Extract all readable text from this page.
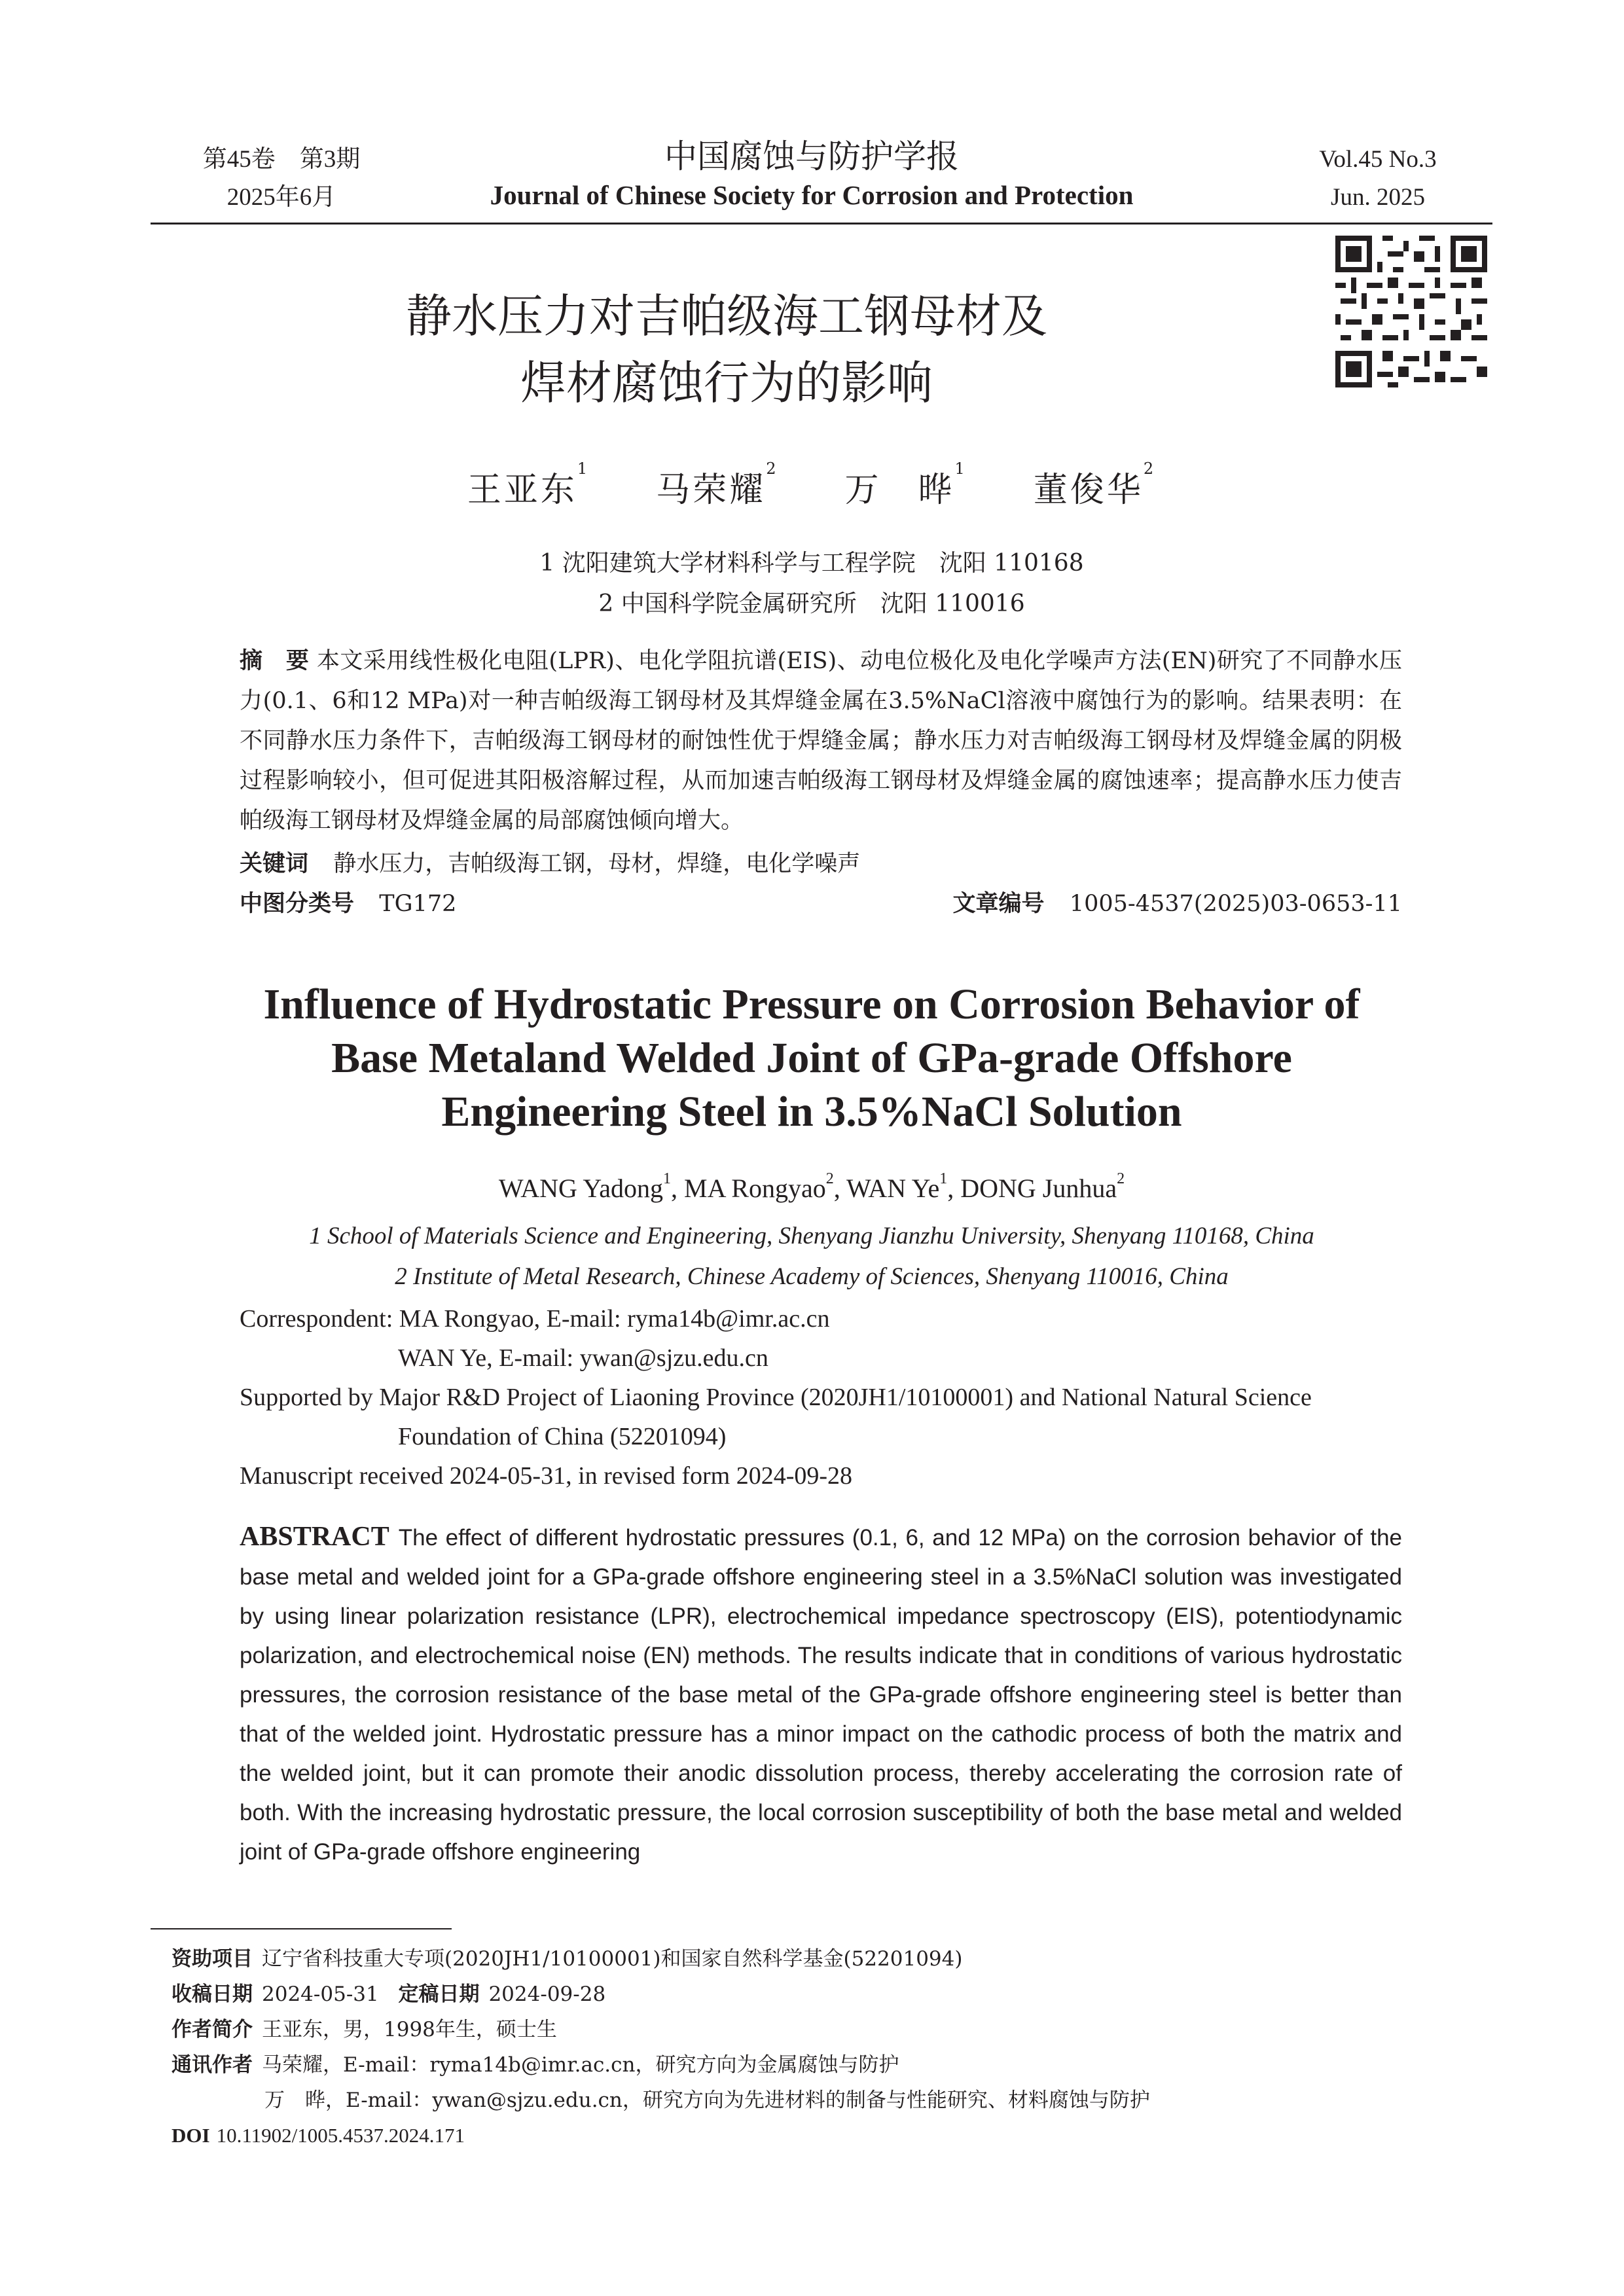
第45卷　第3期
2025年6月
中国腐蚀与防护学报
Journal of Chinese Society for Corrosion and Protection
Vol.45 No.3
Jun. 2025
静水压力对吉帕级海工钢母材及
焊材腐蚀行为的影响
王亚东$^1$  马荣耀$^2$  万　晔$^1$  董俊华$^2$
1 沈阳建筑大学材料科学与工程学院　沈阳 110168
2 中国科学院金属研究所　沈阳 110016
摘　要 本文采用线性极化电阻(LPR)、电化学阻抗谱(EIS)、动电位极化及电化学噪声方法(EN)研究了不同静水压力(0.1、6和12 MPa)对一种吉帕级海工钢母材及其焊缝金属在3.5%NaCl溶液中腐蚀行为的影响。结果表明：在不同静水压力条件下，吉帕级海工钢母材的耐蚀性优于焊缝金属；静水压力对吉帕级海工钢母材及焊缝金属的阴极过程影响较小，但可促进其阳极溶解过程，从而加速吉帕级海工钢母材及焊缝金属的腐蚀速率；提高静水压力使吉帕级海工钢母材及焊缝金属的局部腐蚀倾向增大。
关键词 静水压力，吉帕级海工钢，母材，焊缝，电化学噪声
中图分类号 TG172	文章编号 1005-4537(2025)03-0653-11
Influence of Hydrostatic Pressure on Corrosion Behavior of
Base Metaland Welded Joint of GPa-grade Offshore
Engineering Steel in 3.5%NaCl Solution
WANG Yadong$^1$, MA Rongyao$^2$, WAN Ye$^1$, DONG Junhua$^2$
1 School of Materials Science and Engineering, Shenyang Jianzhu University, Shenyang 110168, China
2 Institute of Metal Research, Chinese Academy of Sciences, Shenyang 110016, China
Correspondent: MA Rongyao, E-mail: ryma14b@imr.ac.cn
WAN Ye, E-mail: ywan@sjzu.edu.cn
Supported by Major R&D Project of Liaoning Province (2020JH1/10100001) and National Natural Science Foundation of China (52201094)
Manuscript received 2024-05-31, in revised form 2024-09-28
ABSTRACT The effect of different hydrostatic pressures (0.1, 6, and 12 MPa) on the corrosion behavior of the base metal and welded joint for a GPa-grade offshore engineering steel in a 3.5%NaCl solution was investigated by using linear polarization resistance (LPR), electrochemical impedance spectroscopy (EIS), potentiodynamic polarization, and electrochemical noise (EN) methods. The results indicate that in conditions of various hydrostatic pressures, the corrosion resistance of the base metal of the GPa-grade offshore engineering steel is better than that of the welded joint. Hydrostatic pressure has a minor impact on the cathodic process of both the matrix and the welded joint, but it can promote their anodic dissolution process, thereby accelerating the corrosion rate of both. With the increasing hydrostatic pressure, the local corrosion susceptibility of both the base metal and welded joint of GPa-grade offshore engineering
资助项目 辽宁省科技重大专项(2020JH1/10100001)和国家自然科学基金(52201094)
收稿日期 2024-05-31 定稿日期 2024-09-28
作者简介 王亚东，男，1998年生，硕士生
通讯作者 马荣耀，E-mail：ryma14b@imr.ac.cn，研究方向为金属腐蚀与防护
万　晔，E-mail：ywan@sjzu.edu.cn，研究方向为先进材料的制备与性能研究、材料腐蚀与防护
DOI 10.11902/1005.4537.2024.171
